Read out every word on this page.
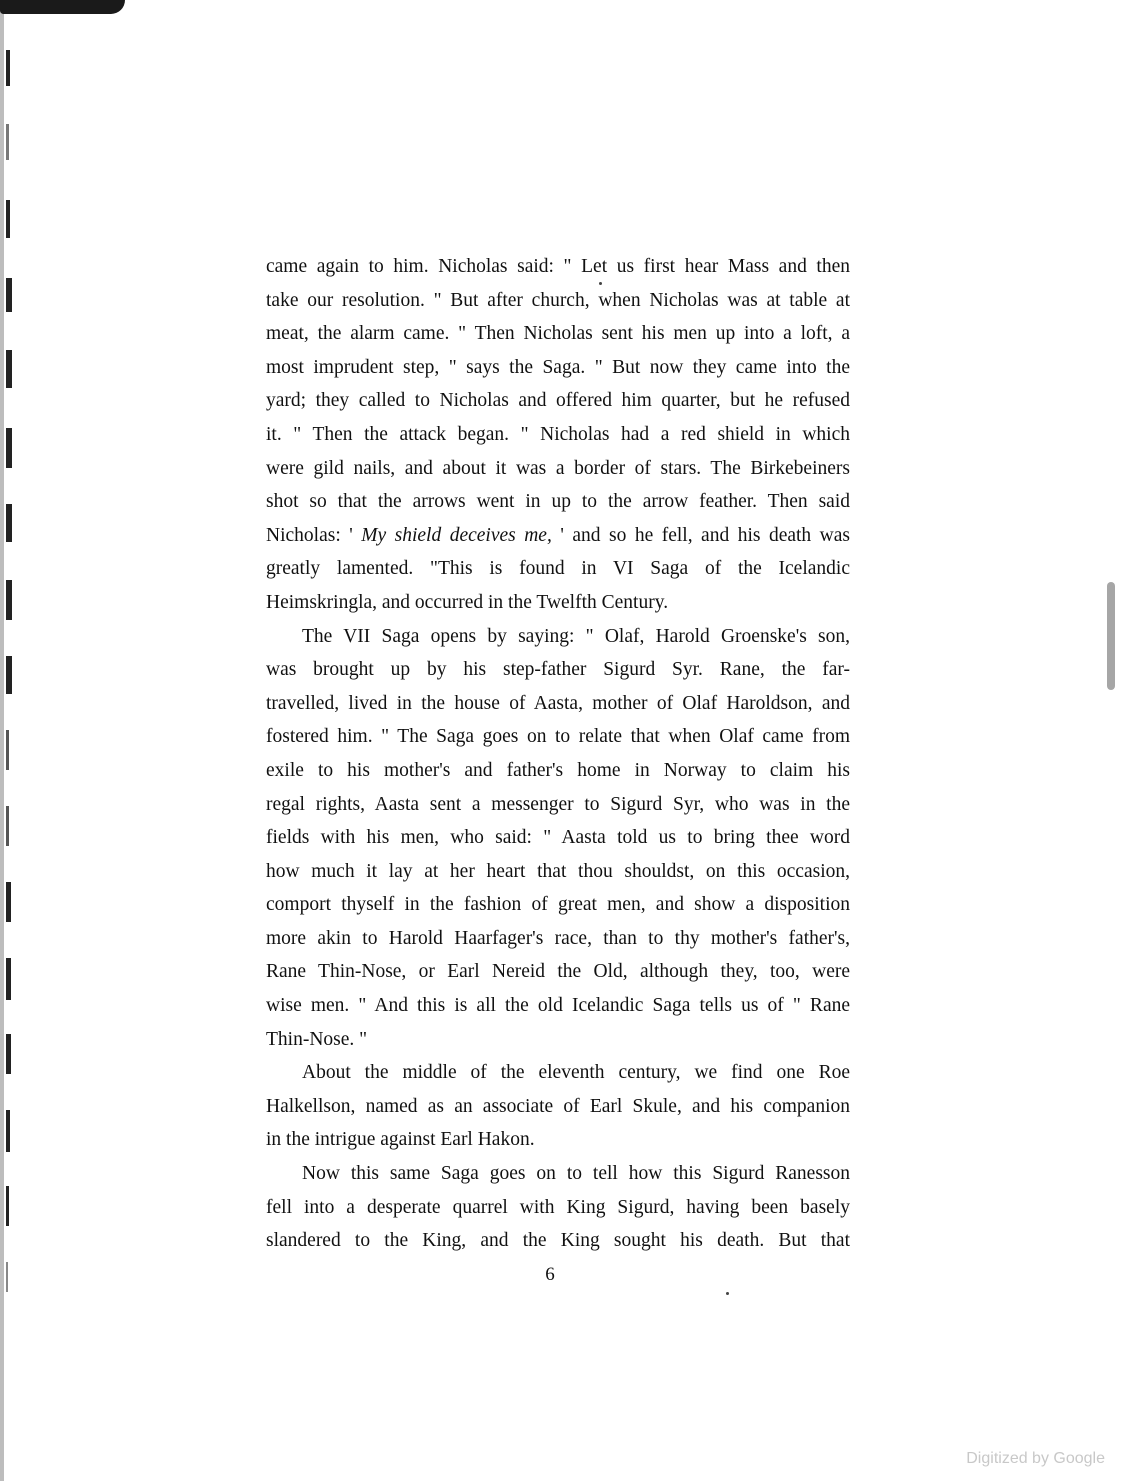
came again to him. Nicholas said: " Let us first hear Mass and then
take our resolution. " But after church, when Nicholas was at table at
meat, the alarm came. " Then Nicholas sent his men up into a loft, a
most imprudent step, " says the Saga. " But now they came into the
yard; they called to Nicholas and offered him quarter, but he refused
it. " Then the attack began. " Nicholas had a red shield in which
were gild nails, and about it was a border of stars. The Birkebeiners
shot so that the arrows went in up to the arrow feather. Then said
Nicholas: ' My shield deceives me, ' and so he fell, and his death was
greatly lamented. "This is found in VI Saga of the Icelandic
Heimskringla, and occurred in the Twelfth Century.
The VII Saga opens by saying: " Olaf, Harold Groenske's son,
was brought up by his step-father Sigurd Syr. Rane, the far-
travelled, lived in the house of Aasta, mother of Olaf Haroldson, and
fostered him. " The Saga goes on to relate that when Olaf came from
exile to his mother's and father's home in Norway to claim his
regal rights, Aasta sent a messenger to Sigurd Syr, who was in the
fields with his men, who said: " Aasta told us to bring thee word
how much it lay at her heart that thou shouldst, on this occasion,
comport thyself in the fashion of great men, and show a disposition
more akin to Harold Haarfager's race, than to thy mother's father's,
Rane Thin-Nose, or Earl Nereid the Old, although they, too, were
wise men. " And this is all the old Icelandic Saga tells us of " Rane
Thin-Nose. "
About the middle of the eleventh century, we find one Roe
Halkellson, named as an associate of Earl Skule, and his companion
in the intrigue against Earl Hakon.
Now this same Saga goes on to tell how this Sigurd Ranesson
fell into a desperate quarrel with King Sigurd, having been basely
slandered to the King, and the King sought his death. But that
6
Digitized by Google
